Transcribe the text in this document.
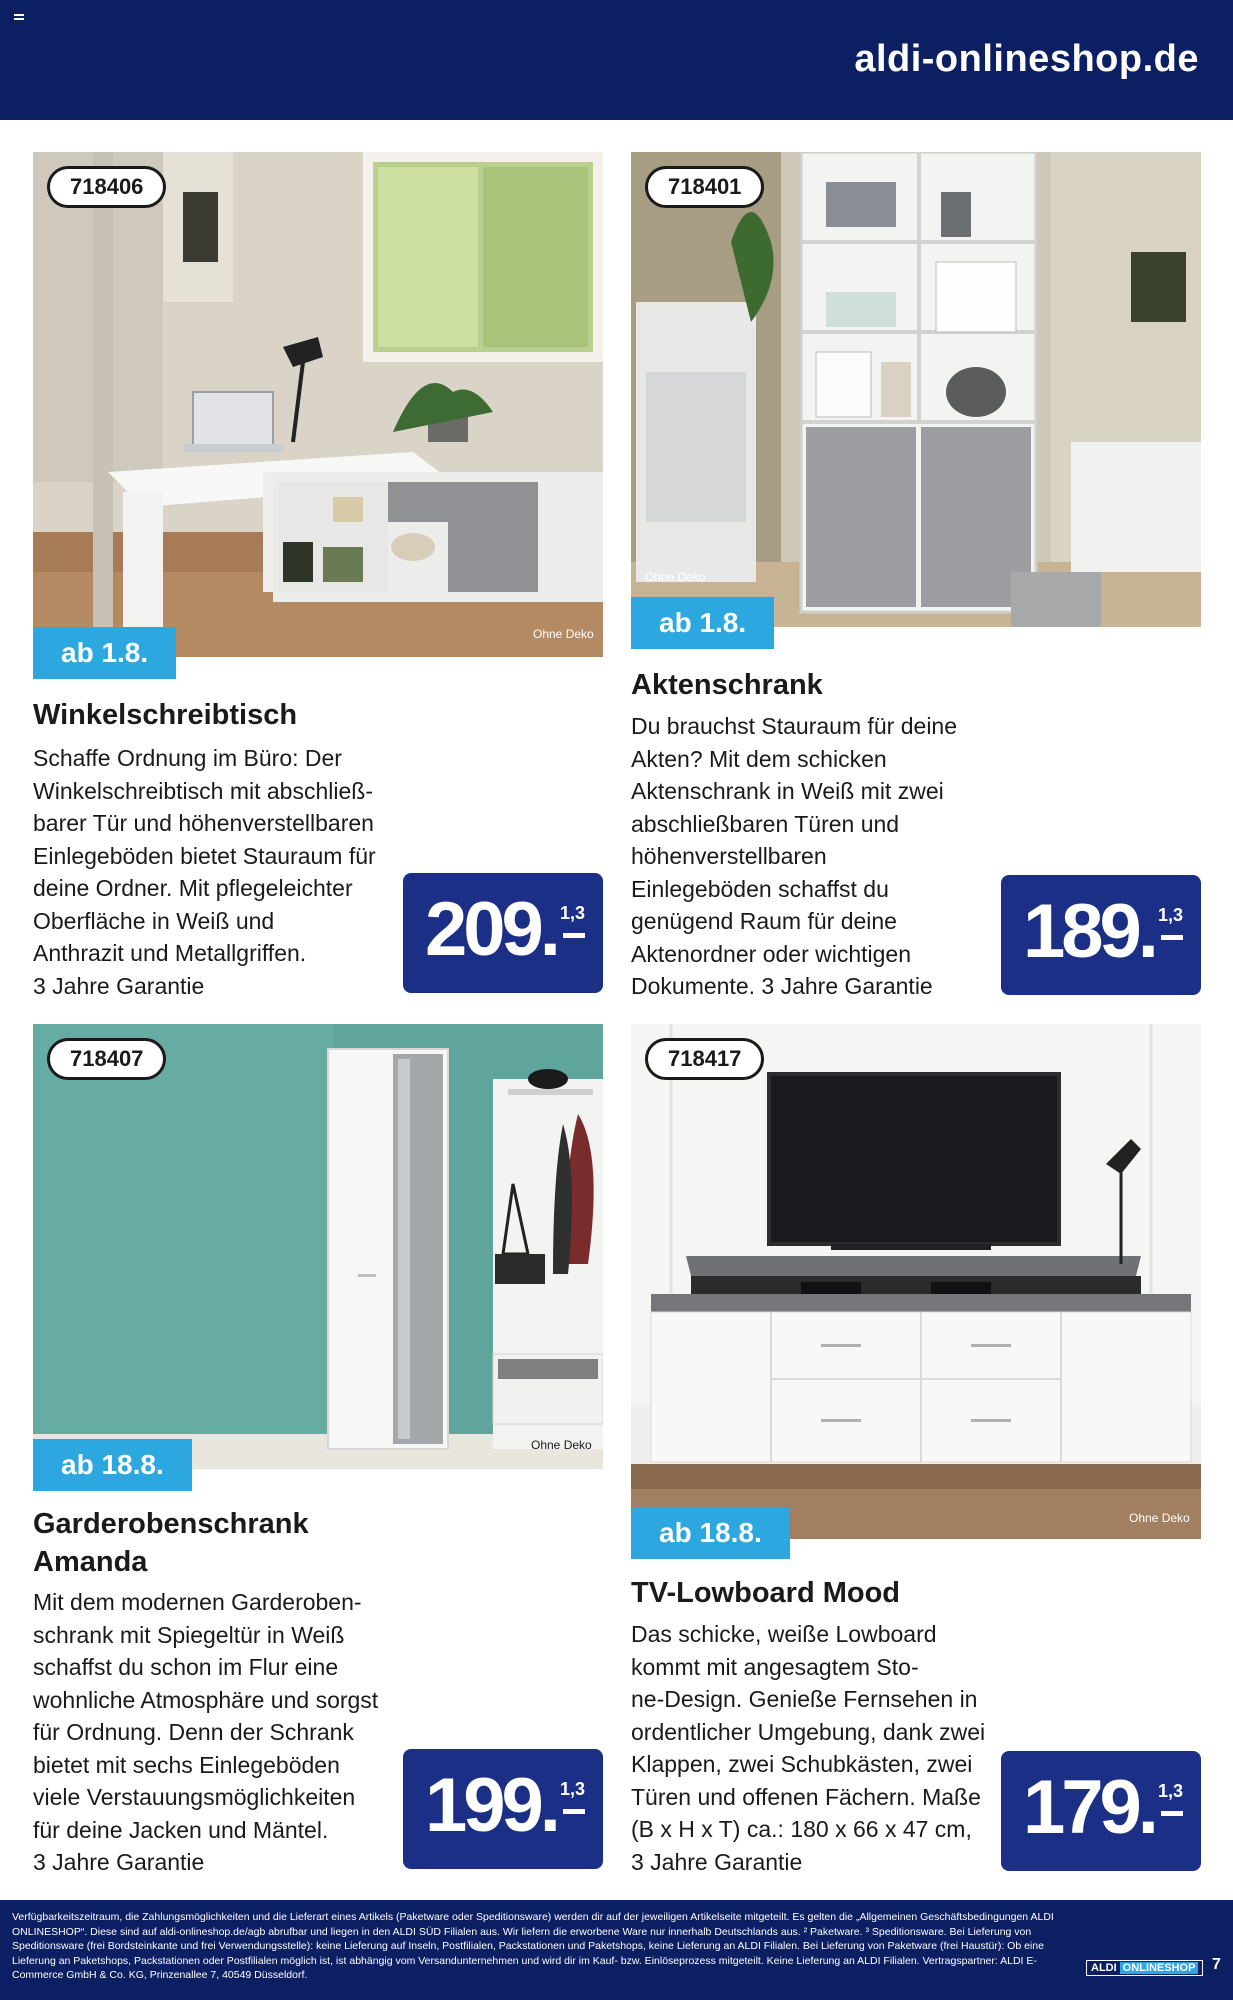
aldi-onlineshop.de
718406
Ohne Deko
ab 1.8.
Winkelschreibtisch
Schaffe Ordnung im Büro: Der
Winkelschreibtisch mit abschließ-
barer Tür und höhenverstellbaren
Einlegeböden bietet Stauraum für
deine Ordner. Mit pflegeleichter
Oberfläche in Weiß und
Anthrazit und Metallgriffen.
3 Jahre Garantie
209. 1,3
718401
Ohne Deko
ab 1.8.
Aktenschrank
Du brauchst Stauraum für deine
Akten? Mit dem schicken
Aktenschrank in Weiß mit zwei
abschließbaren Türen und
höhenverstellbaren
Einlegeböden schaffst du
genügend Raum für deine
Aktenordner oder wichtigen
Dokumente. 3 Jahre Garantie
189. 1,3
718407
Ohne Deko
ab 18.8.
Garderobenschrank
Amanda
Mit dem modernen Garderoben-
schrank mit Spiegeltür in Weiß
schaffst du schon im Flur eine
wohnliche Atmosphäre und sorgst
für Ordnung. Denn der Schrank
bietet mit sechs Einlegeböden
viele Verstauungsmöglichkeiten
für deine Jacken und Mäntel.
3 Jahre Garantie
199. 1,3
718417
Ohne Deko
ab 18.8.
TV-Lowboard Mood
Das schicke, weiße Lowboard
kommt mit angesagtem Sto-
ne-Design. Genieße Fernsehen in
ordentlicher Umgebung, dank zwei
Klappen, zwei Schubkästen, zwei
Türen und offenen Fächern. Maße
(B x H x T) ca.: 180 x 66 x 47 cm,
3 Jahre Garantie
179. 1,3
Verfügbarkeitszeitraum, die Zahlungsmöglichkeiten und die Lieferart eines Artikels (Paketware oder Speditionsware) werden dir auf der jeweiligen Artikelseite mitgeteilt. Es gelten die „Allgemeinen Geschäftsbedingungen ALDI ONLINESHOP“. Diese sind auf aldi-onlineshop.de/agb abrufbar und liegen in den ALDI SÜD Filialen aus. Wir liefern die erworbene Ware nur innerhalb Deutschlands aus. ² Paketware. ³ Speditionsware. Bei Lieferung von Speditionsware (frei Bordsteinkante und frei Verwendungsstelle): keine Lieferung auf Inseln, Postfilialen, Packstationen und Paketshops, keine Lieferung an ALDI Filialen. Bei Lieferung von Paketware (frei Haustür): Ob eine Lieferung an Paketshops, Packstationen oder Postfilialen möglich ist, ist abhängig vom Versandunternehmen und wird dir im Kauf- bzw. Einlöseprozess mitgeteilt. Keine Lieferung an ALDI Filialen. Vertragspartner: ALDI E-Commerce GmbH & Co. KG, Prinzenallee 7, 40549 Düsseldorf.
ALDI ONLINESHOP	7
